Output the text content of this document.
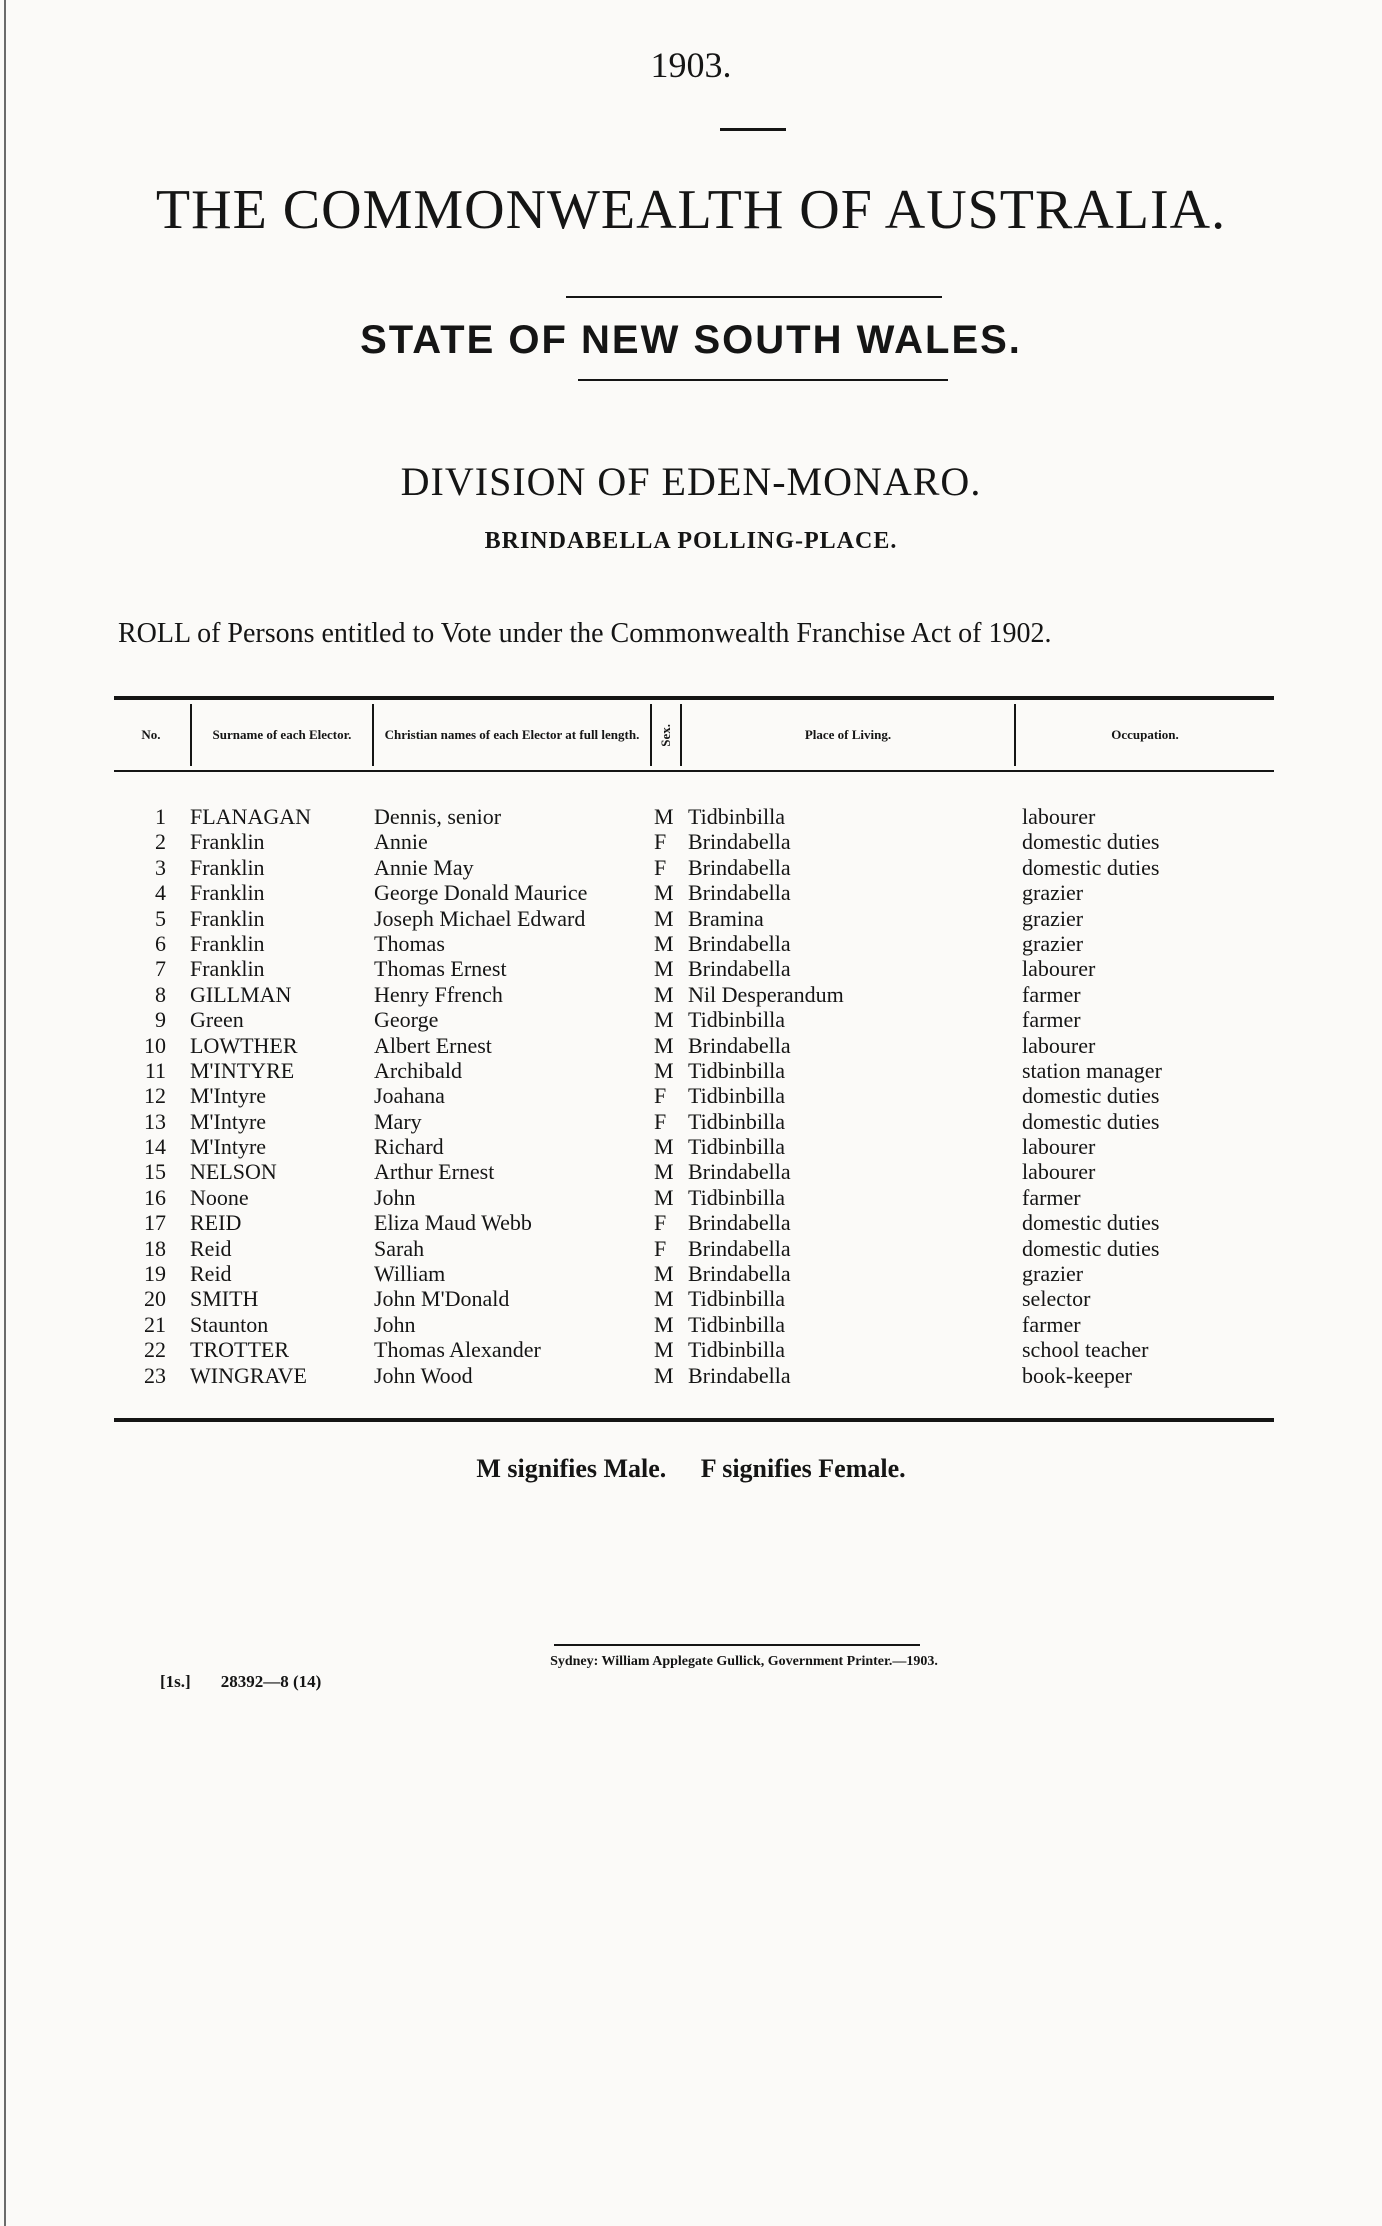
1903.
THE COMMONWEALTH OF AUSTRALIA.
STATE OF NEW SOUTH WALES.
DIVISION OF EDEN-MONARO.
BRINDABELLA POLLING-PLACE.
ROLL of Persons entitled to Vote under the Commonwealth Franchise Act of 1902.
No.	Surname of each Elector.	Christian names of each Elector at full length.	Sex.	Place of Living.	Occupation.
1 FLANAGAN	Dennis, senior	M Tidbinbilla	labourer
2 Franklin	Annie	F Brindabella	domestic duties
3 Franklin	Annie May	F Brindabella	domestic duties
4 Franklin	George Donald Maurice	M Brindabella	grazier
5 Franklin	Joseph Michael Edward	M Bramina	grazier
6 Franklin	Thomas	M Brindabella	grazier
7 Franklin	Thomas Ernest	M Brindabella	labourer
8 GILLMAN	Henry Ffrench	M Nil Desperandum	farmer
9 Green	George	M Tidbinbilla	farmer
10 LOWTHER	Albert Ernest	M Brindabella	labourer
11 M'INTYRE	Archibald	M Tidbinbilla	station manager
12 M'Intyre	Joahana	F Tidbinbilla	domestic duties
13 M'Intyre	Mary	F Tidbinbilla	domestic duties
14 M'Intyre	Richard	M Tidbinbilla	labourer
15 NELSON	Arthur Ernest	M Brindabella	labourer
16 Noone	John	M Tidbinbilla	farmer
17 REID	Eliza Maud Webb	F Brindabella	domestic duties
18 Reid	Sarah	F Brindabella	domestic duties
19 Reid	William	M Brindabella	grazier
20 SMITH	John M'Donald	M Tidbinbilla	selector
21 Staunton	John	M Tidbinbilla	farmer
22 TROTTER	Thomas Alexander	M Tidbinbilla	school teacher
23 WINGRAVE	John Wood	M Brindabella	book-keeper
M signifies Male. F signifies Female.
Sydney: William Applegate Gullick, Government Printer.—1903.
[1s.] 28392—8 (14)
